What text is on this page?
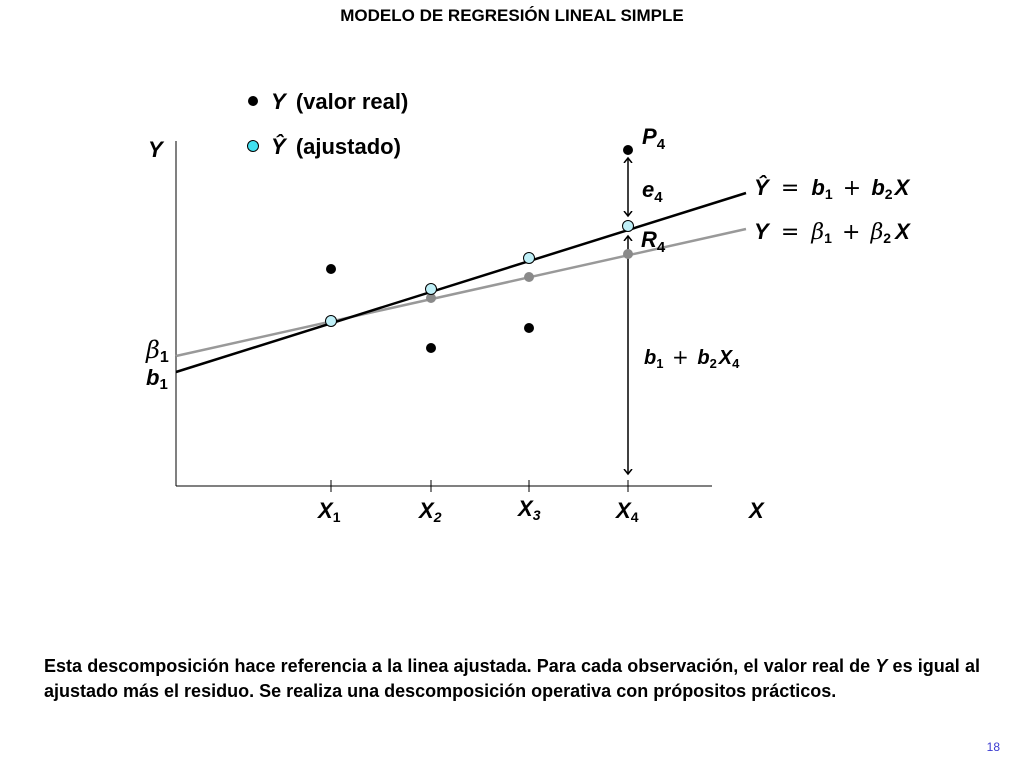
MODELO DE REGRESIÓN LINEAL SIMPLE
Y (valor real)
Ŷ (ajustado)
Y
X
X1	X2	X3	X4
β1
b1
$P_4$
$e_4$
$R_4$
Ŷ = b1 + b2X
Y = β1 + β2 X
$b_1 + b_2$ $X_4$
Esta descomposición hace referencia a la linea ajustada. Para cada observación, el valor real de Y es igual al ajustado más el residuo. Se realiza una descomposición operativa con própositos prácticos.
18
